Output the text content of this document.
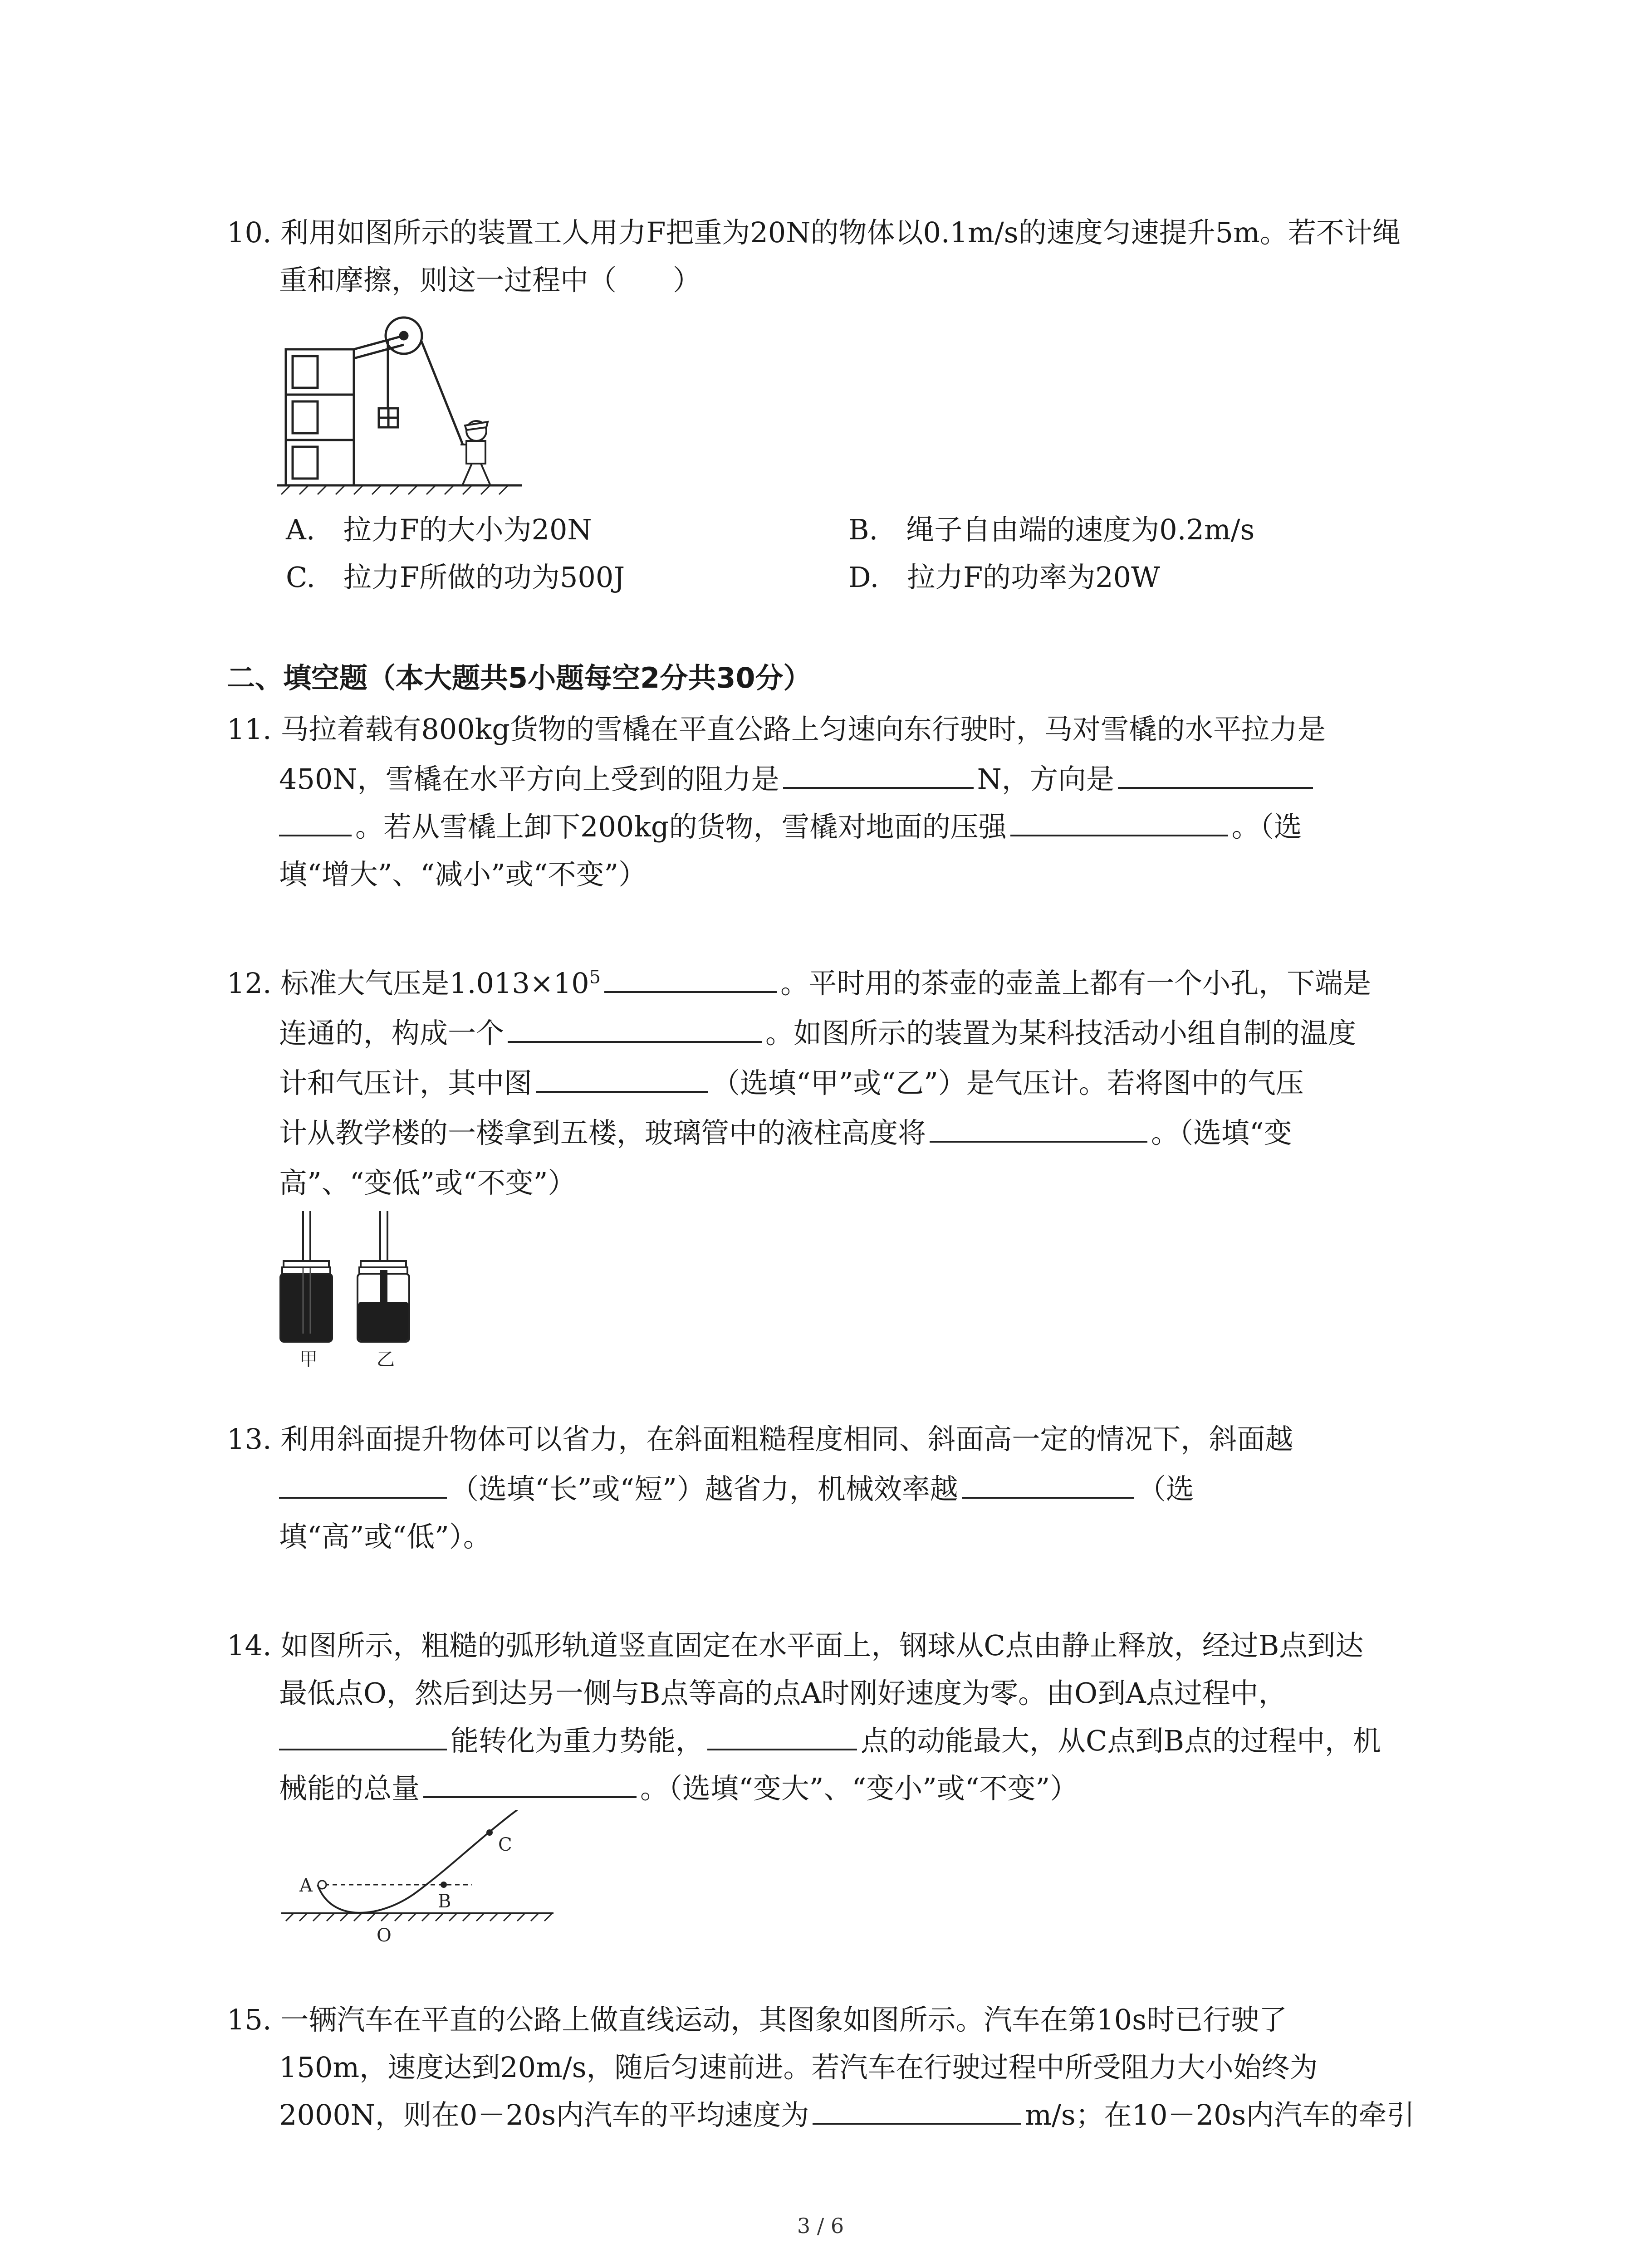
10. 利用如图所示的装置工人用力F把重为20N的物体以0.1m/s的速度匀速提升5m。若不计绳
重和摩擦，则这一过程中（　　）
A.　拉力F的大小为20N	B.　绳子自由端的速度为0.2m/s
C.　拉力F所做的功为500J	D.　拉力F的功率为20W
二、填空题（本大题共5小题每空2分共30分）
11. 马拉着载有800kg货物的雪橇在平直公路上匀速向东行驶时，马对雪橇的水平拉力是
450N，雪橇在水平方向上受到的阻力是	N，方向是
。若从雪橇上卸下200kg的货物，雪橇对地面的压强	。（选
填“增大”、“减小”或“不变”）
12. 标准大气压是$1.013\times 10^5$	。平时用的茶壶的壶盖上都有一个小孔，下端是
连通的，构成一个	。如图所示的装置为某科技活动小组自制的温度
计和气压计，其中图	（选填“甲”或“乙”）是气压计。若将图中的气压
计从教学楼的一楼拿到五楼，玻璃管中的液柱高度将	。（选填“变
高”、“变低”或“不变”）
甲	乙
13. 利用斜面提升物体可以省力，在斜面粗糙程度相同、斜面高一定的情况下，斜面越
（选填“长”或“短”）越省力，机械效率越	（选
填“高”或“低”）。
14. 如图所示，粗糙的弧形轨道竖直固定在水平面上，钢球从C点由静止释放，经过B点到达
最低点O，然后到达另一侧与B点等高的点A时刚好速度为零。由O到A点过程中，
能转化为重力势能，	点的动能最大，从C点到B点的过程中，机
械能的总量	。（选填“变大”、“变小”或“不变”）
A
B
C
O
15. 一辆汽车在平直的公路上做直线运动，其图象如图所示。汽车在第10s时已行驶了
150m，速度达到20m/s，随后匀速前进。若汽车在行驶过程中所受阻力大小始终为
2000N，则在0－20s内汽车的平均速度为	m/s；在10－20s内汽车的牵引
3 / 6
